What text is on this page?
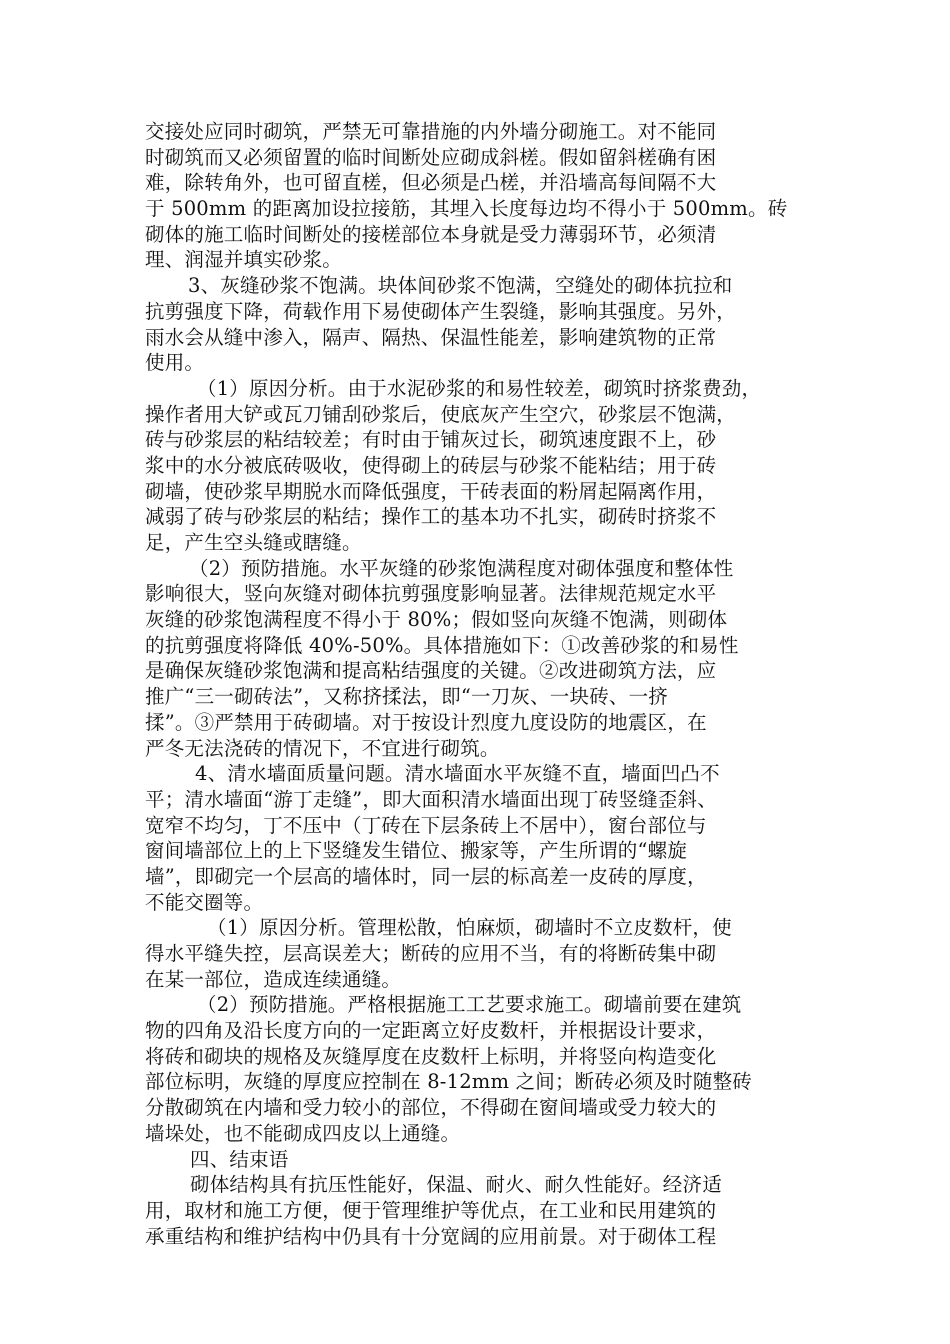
交接处应同时砌筑，严禁无可靠措施的内外墙分砌施工。对不能同
时砌筑而又必须留置的临时间断处应砌成斜槎。假如留斜槎确有困
难，除转角外，也可留直槎，但必须是凸槎，并沿墙高每间隔不大
于 500mm 的距离加设拉接筋，其埋入长度每边均不得小于 500mm。砖
砌体的施工临时间断处的接槎部位本身就是受力薄弱环节，必须清
理、润湿并填实砂浆。
3、灰缝砂浆不饱满。块体间砂浆不饱满，空缝处的砌体抗拉和
抗剪强度下降，荷载作用下易使砌体产生裂缝，影响其强度。另外，
雨水会从缝中渗入，隔声、隔热、保温性能差，影响建筑物的正常
使用。
（1）原因分析。由于水泥砂浆的和易性较差，砌筑时挤浆费劲，
操作者用大铲或瓦刀铺刮砂浆后，使底灰产生空穴，砂浆层不饱满，
砖与砂浆层的粘结较差；有时由于铺灰过长，砌筑速度跟不上，砂
浆中的水分被底砖吸收，使得砌上的砖层与砂浆不能粘结；用于砖
砌墙，使砂浆早期脱水而降低强度，干砖表面的粉屑起隔离作用，
减弱了砖与砂浆层的粘结；操作工的基本功不扎实，砌砖时挤浆不
足，产生空头缝或瞎缝。
（2）预防措施。水平灰缝的砂浆饱满程度对砌体强度和整体性
影响很大，竖向灰缝对砌体抗剪强度影响显著。法律规范规定水平
灰缝的砂浆饱满程度不得小于 80%；假如竖向灰缝不饱满，则砌体
的抗剪强度将降低 40%-50%。具体措施如下：①改善砂浆的和易性
是确保灰缝砂浆饱满和提高粘结强度的关键。②改进砌筑方法，应
推广“三一砌砖法”，又称挤揉法，即“一刀灰、一块砖、一挤
揉”。③严禁用于砖砌墙。对于按设计烈度九度设防的地震区，在
严冬无法浇砖的情况下，不宜进行砌筑。
4、清水墙面质量问题。清水墙面水平灰缝不直，墙面凹凸不
平；清水墙面“游丁走缝”，即大面积清水墙面出现丁砖竖缝歪斜、
宽窄不均匀，丁不压中（丁砖在下层条砖上不居中），窗台部位与
窗间墙部位上的上下竖缝发生错位、搬家等，产生所谓的“螺旋
墙”，即砌完一个层高的墙体时，同一层的标高差一皮砖的厚度，
不能交圈等。
（1）原因分析。管理松散，怕麻烦，砌墙时不立皮数杆，使
得水平缝失控，层高误差大；断砖的应用不当，有的将断砖集中砌
在某一部位，造成连续通缝。
（2）预防措施。严格根据施工工艺要求施工。砌墙前要在建筑
物的四角及沿长度方向的一定距离立好皮数杆，并根据设计要求，
将砖和砌块的规格及灰缝厚度在皮数杆上标明，并将竖向构造变化
部位标明，灰缝的厚度应控制在 8-12mm 之间；断砖必须及时随整砖
分散砌筑在内墙和受力较小的部位，不得砌在窗间墙或受力较大的
墙垛处，也不能砌成四皮以上通缝。
四、结束语
砌体结构具有抗压性能好，保温、耐火、耐久性能好。经济适
用，取材和施工方便，便于管理维护等优点，在工业和民用建筑的
承重结构和维护结构中仍具有十分宽阔的应用前景。对于砌体工程
